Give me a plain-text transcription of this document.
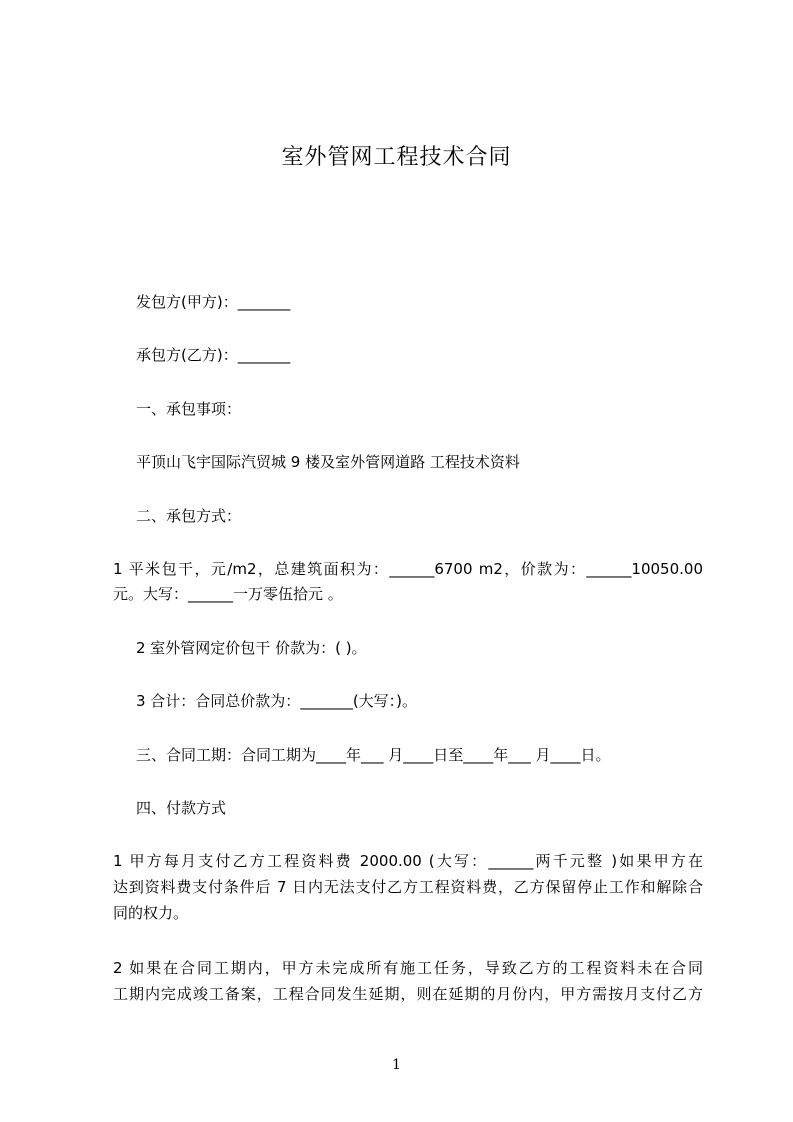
室外管网工程技术合同
发包方(甲方)：_______
承包方(乙方)：_______
一、承包事项：
平顶山飞宇国际汽贸城 9 楼及室外管网道路 工程技术资料
二、承包方式：
1 平米包干，元/m2，总建筑面积为：______6700 m2，价款为：______10050.00
元。大写：______一万零伍拾元 。
2 室外管网定价包干 价款为：( )。
3 合计：合同总价款为：_______(大写：)。
三、合同工期：合同工期为____年___ 月____日至____年___ 月____日。
四、付款方式
1 甲方每月支付乙方工程资料费 2000.00 (大写：______两千元整 )如果甲方在
达到资料费支付条件后 7 日内无法支付乙方工程资料费，乙方保留停止工作和解除合
同的权力。
2 如果在合同工期内，甲方未完成所有施工任务，导致乙方的工程资料未在合同
工期内完成竣工备案，工程合同发生延期，则在延期的月份内，甲方需按月支付乙方
1
